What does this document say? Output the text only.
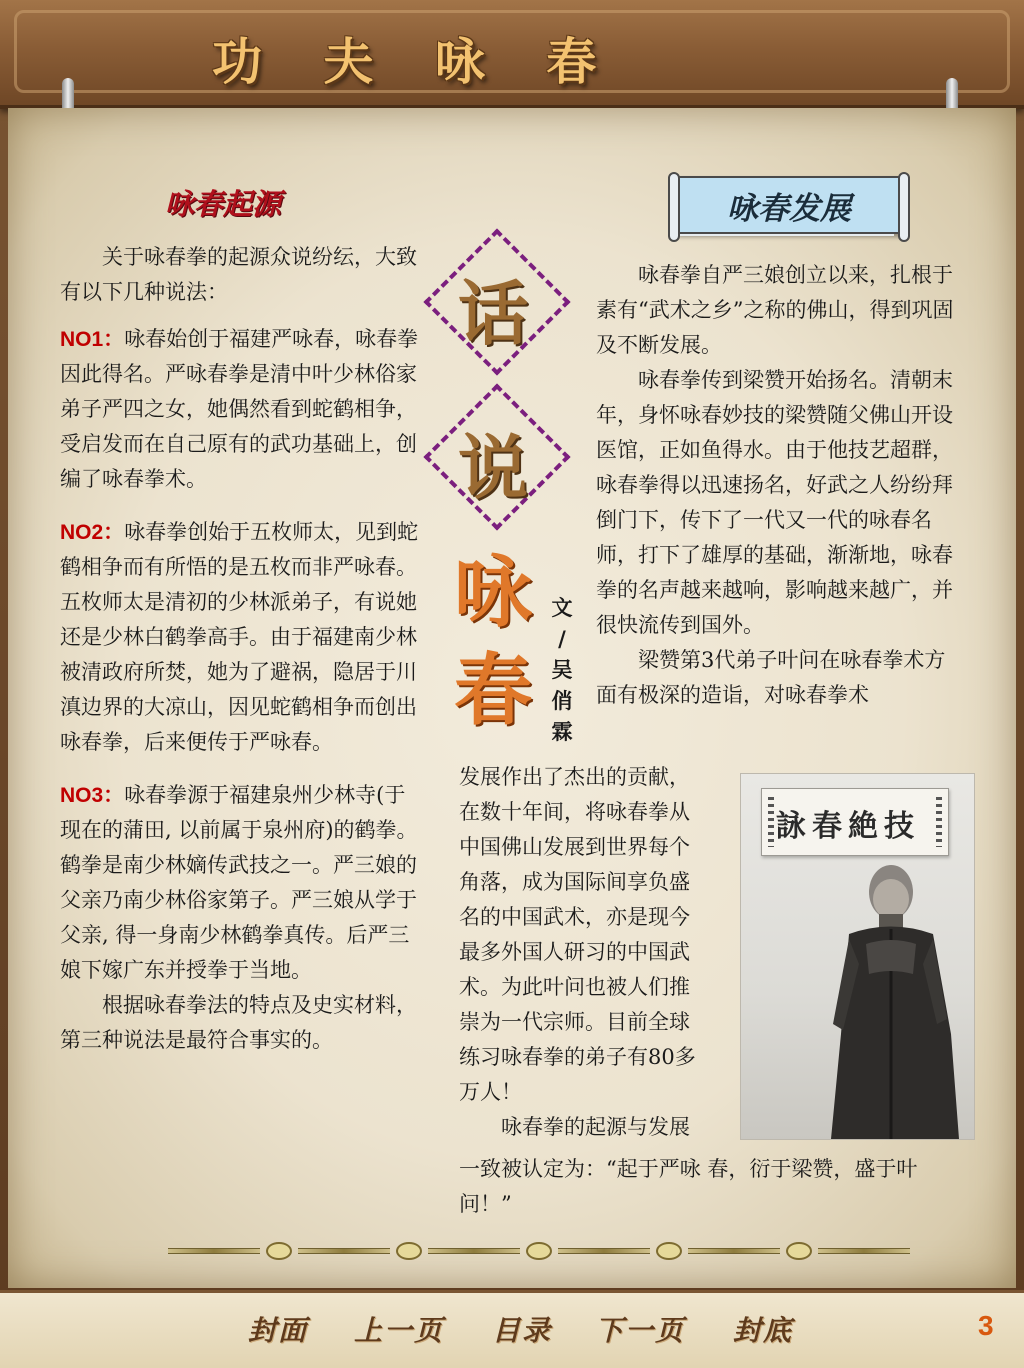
功 夫 咏 春
咏春起源

关于咏春拳的起源众说纷纭，大致有以下几种说法：

NO1：咏春始创于福建严咏春，咏春拳因此得名。严咏春拳是清中叶少林俗家弟子严四之女，她偶然看到蛇鹤相争，受启发而在自己原有的武功基础上，创编了咏春拳术。

NO2：咏春拳创始于五枚师太，见到蛇鹤相争而有所悟的是五枚而非严咏春。五枚师太是清初的少林派弟子，有说她还是少林白鹤拳高手。由于福建南少林被清政府所焚，她为了避祸，隐居于川滇边界的大凉山，因见蛇鹤相争而创出咏春拳，后来便传于严咏春。

NO3：咏春拳源于福建泉州少林寺(于现在的蒲田, 以前属于泉州府)的鹤拳。鹤拳是南少林嫡传武技之一。严三娘的父亲乃南少林俗家第子。严三娘从学于父亲, 得一身南少林鹤拳真传。后严三娘下嫁广东并授拳于当地。

根据咏春拳法的特点及史实材料，第三种说法是最符合事实的。

话
说
咏
春
文
/
吴
俏
霖
咏春发展

咏春拳自严三娘创立以来，扎根于素有“武术之乡”之称的佛山，得到巩固及不断发展。

咏春拳传到梁赞开始扬名。清朝末年，身怀咏春妙技的梁赞随父佛山开设医馆，正如鱼得水。由于他技艺超群，咏春拳得以迅速扬名，好武之人纷纷拜倒门下，传下了一代又一代的咏春名师，打下了雄厚的基础，渐渐地，咏春拳的名声越来越响，影响越来越广，并很快流传到国外。

梁赞第3代弟子叶问在咏春拳术方面有极深的造诣，对咏春拳术

发展作出了杰出的贡献，

在数十年间，将咏春拳从

中国佛山发展到世界每个

角落，成为国际间享负盛

名的中国武术，亦是现今

最多外国人研习的中国武

术。为此叶问也被人们推

崇为一代宗师。目前全球

练习咏春拳的弟子有80多

万人！

咏春拳的起源与发展

一致被认定为：“起于严咏 春，衍于梁赞，盛于叶问！”

詠春絶技
封面 上一页 目录 下一页 封底	3
